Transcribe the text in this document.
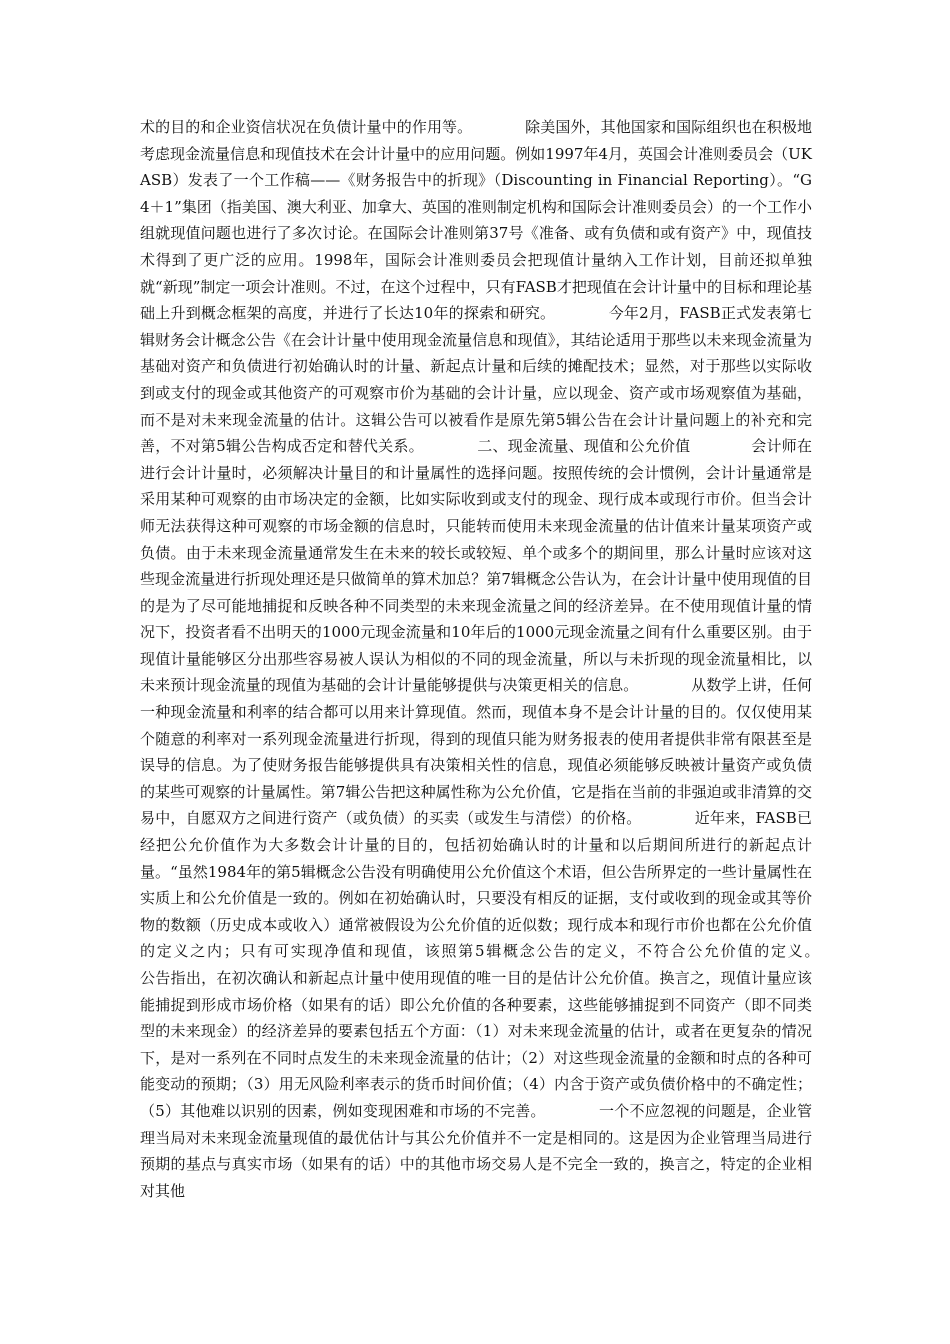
术的目的和企业资信状况在负债计量中的作用等。　　　　除美国外，其他国家和国际组织也在积极地考虑现金流量信息和现值技术在会计计量中的应用问题。例如1997年4月，英国会计准则委员会（UKASB）发表了一个工作稿——《财务报告中的折现》（Discounting in Financial Reporting）。“G4＋1”集团（指美国、澳大利亚、加拿大、英国的准则制定机构和国际会计准则委员会）的一个工作小组就现值问题也进行了多次讨论。在国际会计准则第37号《准备、或有负债和或有资产》中，现值技术得到了更广泛的应用。1998年，国际会计准则委员会把现值计量纳入工作计划，目前还拟单独就“新现”制定一项会计准则。不过，在这个过程中，只有FASB才把现值在会计计量中的目标和理论基础上升到概念框架的高度，并进行了长达10年的探索和研究。　　　　今年2月，FASB正式发表第七辑财务会计概念公告《在会计计量中使用现金流量信息和现值》，其结论适用于那些以未来现金流量为基础对资产和负债进行初始确认时的计量、新起点计量和后续的摊配技术；显然，对于那些以实际收到或支付的现金或其他资产的可观察市价为基础的会计计量，应以现金、资产或市场观察值为基础，而不是对未来现金流量的估计。这辑公告可以被看作是原先第5辑公告在会计计量问题上的补充和完善，不对第5辑公告构成否定和替代关系。　　　　二、现金流量、现值和公允价值　　　　会计师在进行会计计量时，必须解决计量目的和计量属性的选择问题。按照传统的会计惯例，会计计量通常是采用某种可观察的由市场决定的金额，比如实际收到或支付的现金、现行成本或现行市价。但当会计师无法获得这种可观察的市场金额的信息时，只能转而使用未来现金流量的估计值来计量某项资产或负债。由于未来现金流量通常发生在未来的较长或较短、单个或多个的期间里，那么计量时应该对这些现金流量进行折现处理还是只做简单的算术加总？第7辑概念公告认为，在会计计量中使用现值的目的是为了尽可能地捕捉和反映各种不同类型的未来现金流量之间的经济差异。在不使用现值计量的情况下，投资者看不出明天的1000元现金流量和10年后的1000元现金流量之间有什么重要区别。由于现值计量能够区分出那些容易被人误认为相似的不同的现金流量，所以与未折现的现金流量相比，以未来预计现金流量的现值为基础的会计计量能够提供与决策更相关的信息。　　　　从数学上讲，任何一种现金流量和利率的结合都可以用来计算现值。然而，现值本身不是会计计量的目的。仅仅使用某个随意的利率对一系列现金流量进行折现，得到的现值只能为财务报表的使用者提供非常有限甚至是误导的信息。为了使财务报告能够提供具有决策相关性的信息，现值必须能够反映被计量资产或负债的某些可观察的计量属性。第7辑公告把这种属性称为公允价值，它是指在当前的非强迫或非清算的交易中，自愿双方之间进行资产（或负债）的买卖（或发生与清偿）的价格。　　　　近年来，FASB已经把公允价值作为大多数会计计量的目的，包括初始确认时的计量和以后期间所进行的新起点计量。“虽然1984年的第5辑概念公告没有明确使用公允价值这个术语，但公告所界定的一些计量属性在实质上和公允价值是一致的。例如在初始确认时，只要没有相反的证据，支付或收到的现金或其等价物的数额（历史成本或收入）通常被假设为公允价值的近似数；现行成本和现行市价也都在公允价值的定义之内；只有可实现净值和现值，该照第5辑概念公告的定义，不符合公允价值的定义。　　　　公告指出，在初次确认和新起点计量中使用现值的唯一目的是估计公允价值。换言之，现值计量应该能捕捉到形成市场价格（如果有的话）即公允价值的各种要素，这些能够捕捉到不同资产（即不同类型的未来现金）的经济差异的要素包括五个方面：（1）对未来现金流量的估计，或者在更复杂的情况下，是对一系列在不同时点发生的未来现金流量的估计；（2）对这些现金流量的金额和时点的各种可能变动的预期；（3）用无风险利率表示的货币时间价值；（4）内含于资产或负债价格中的不确定性；（5）其他难以识别的因素，例如变现困难和市场的不完善。　　　　一个不应忽视的问题是，企业管理当局对未来现金流量现值的最优估计与其公允价值并不一定是相同的。这是因为企业管理当局进行预期的基点与真实市场（如果有的话）中的其他市场交易人是不完全一致的，换言之，特定的企业相对其他
